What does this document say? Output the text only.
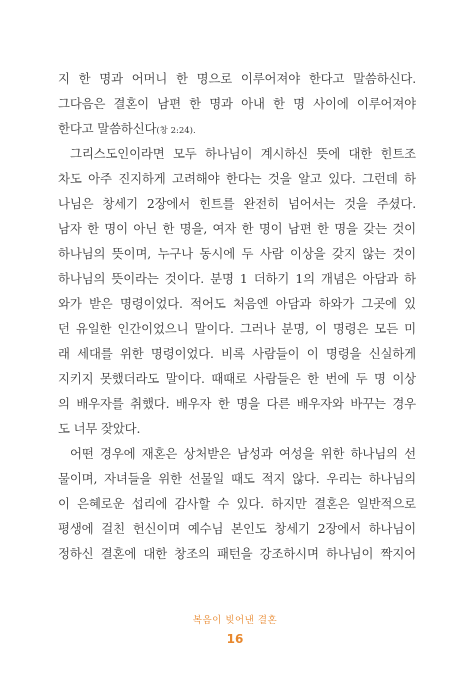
지 한 명과 어머니 한 명으로 이루어져야 한다고 말씀하신다.
그다음은 결혼이 남편 한 명과 아내 한 명 사이에 이루어져야
한다고 말씀하신다(창 2:24).
그리스도인이라면 모두 하나님이 계시하신 뜻에 대한 힌트조
차도 아주 진지하게 고려해야 한다는 것을 알고 있다. 그런데 하
나님은 창세기 2장에서 힌트를 완전히 넘어서는 것을 주셨다.
남자 한 명이 아닌 한 명을, 여자 한 명이 남편 한 명을 갖는 것이
하나님의 뜻이며, 누구나 동시에 두 사람 이상을 갖지 않는 것이
하나님의 뜻이라는 것이다. 분명 1 더하기 1의 개념은 아담과 하
와가 받은 명령이었다. 적어도 처음엔 아담과 하와가 그곳에 있
던 유일한 인간이었으니 말이다. 그러나 분명, 이 명령은 모든 미
래 세대를 위한 명령이었다. 비록 사람들이 이 명령을 신실하게
지키지 못했더라도 말이다. 때때로 사람들은 한 번에 두 명 이상
의 배우자를 취했다. 배우자 한 명을 다른 배우자와 바꾸는 경우
도 너무 잦았다.
어떤 경우에 재혼은 상처받은 남성과 여성을 위한 하나님의 선
물이며, 자녀들을 위한 선물일 때도 적지 않다. 우리는 하나님의
이 은혜로운 섭리에 감사할 수 있다. 하지만 결혼은 일반적으로
평생에 걸친 헌신이며 예수님 본인도 창세기 2장에서 하나님이
정하신 결혼에 대한 창조의 패턴을 강조하시며 하나님이 짝지어
복음이 빚어낸 결혼
16
